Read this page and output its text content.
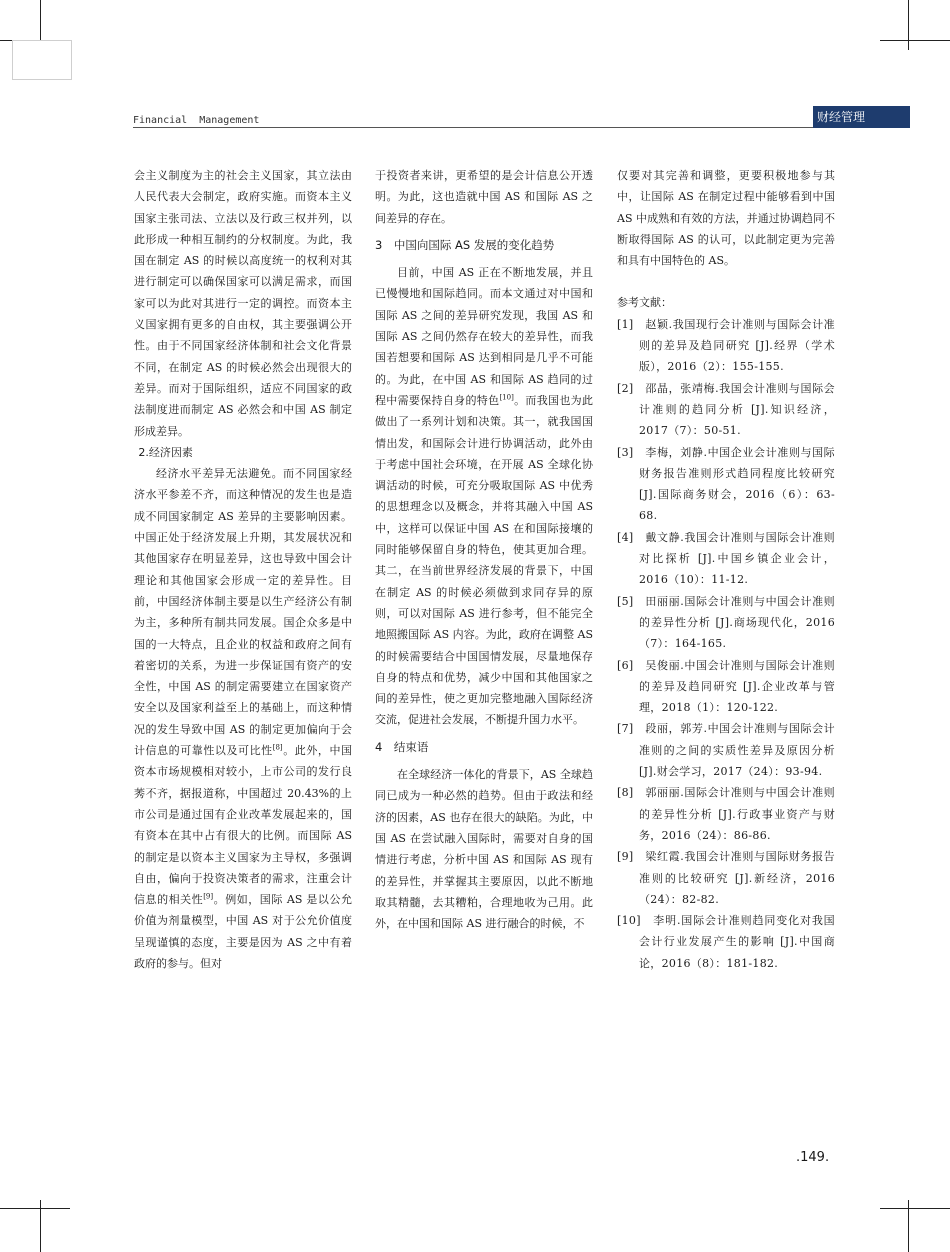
Financial  Management	财经管理

会主义制度为主的社会主义国家，其立法由人民代表大会制定，政府实施。而资本主义国家主张司法、立法以及行政三权并列，以此形成一种相互制约的分权制度。为此，我国在制定 AS 的时候以高度统一的权利对其进行制定可以确保国家可以满足需求，而国家可以为此对其进行一定的调控。而资本主义国家拥有更多的自由权，其主要强调公开性。由于不同国家经济体制和社会文化背景不同，在制定 AS 的时候必然会出现很大的差异。而对于国际组织，适应不同国家的政法制度进而制定 AS 必然会和中国 AS 制定形成差异。

2.经济因素

经济水平差异无法避免。而不同国家经济水平参差不齐，而这种情况的发生也是造成不同国家制定 AS 差异的主要影响因素。中国正处于经济发展上升期，其发展状况和其他国家存在明显差异，这也导致中国会计理论和其他国家会形成一定的差异性。目前，中国经济体制主要是以生产经济公有制为主，多种所有制共同发展。国企众多是中国的一大特点，且企业的权益和政府之间有着密切的关系，为进一步保证国有资产的安全性，中国 AS 的制定需要建立在国家资产安全以及国家利益至上的基础上，而这种情况的发生导致中国 AS 的制定更加偏向于会计信息的可靠性以及可比性[8]。此外，中国资本市场规模相对较小，上市公司的发行良莠不齐，据报道称，中国超过 20.43%的上市公司是通过国有企业改革发展起来的，国有资本在其中占有很大的比例。而国际 AS 的制定是以资本主义国家为主导权，多强调自由，偏向于投资决策者的需求，注重会计信息的相关性[9]。例如，国际 AS 是以公允价值为剂量模型，中国 AS 对于公允价值度呈现谨慎的态度，主要是因为 AS 之中有着政府的参与。但对

于投资者来讲，更希望的是会计信息公开透明。为此，这也造就中国 AS 和国际 AS 之间差异的存在。

3　中国向国际 AS 发展的变化趋势

目前，中国 AS 正在不断地发展，并且已慢慢地和国际趋同。而本文通过对中国和国际 AS 之间的差异研究发现，我国 AS 和国际 AS 之间仍然存在较大的差异性，而我国若想要和国际 AS 达到相同是几乎不可能的。为此，在中国 AS 和国际 AS 趋同的过程中需要保持自身的特色[10]。而我国也为此做出了一系列计划和决策。其一，就我国国情出发，和国际会计进行协调活动，此外由于考虑中国社会环境，在开展 AS 全球化协调活动的时候，可充分吸取国际 AS 中优秀的思想理念以及概念，并将其融入中国 AS 中，这样可以保证中国 AS 在和国际接壤的同时能够保留自身的特色，使其更加合理。其二，在当前世界经济发展的背景下，中国在制定 AS 的时候必须做到求同存异的原则，可以对国际 AS 进行参考，但不能完全地照搬国际 AS 内容。为此，政府在调整 AS 的时候需要结合中国国情发展，尽量地保存自身的特点和优势，减少中国和其他国家之间的差异性，使之更加完整地融入国际经济交流，促进社会发展，不断提升国力水平。

4　结束语

在全球经济一体化的背景下，AS 全球趋同已成为一种必然的趋势。但由于政法和经济的因素，AS 也存在很大的缺陷。为此，中国 AS 在尝试融入国际时，需要对自身的国情进行考虑，分析中国 AS 和国际 AS 现有的差异性，并掌握其主要原因，以此不断地取其精髓，去其糟粕，合理地收为己用。此外，在中国和国际 AS 进行融合的时候，不

仅要对其完善和调整，更要积极地参与其中，让国际 AS 在制定过程中能够看到中国 AS 中成熟和有效的方法，并通过协调趋同不断取得国际 AS 的认可，以此制定更为完善和具有中国特色的 AS。

参考文献：

[1]　赵颖.我国现行会计准则与国际会计准则的差异及趋同研究 [J].经界（学术版），2016（2）：155-155.

[2]　邵晶，张靖梅.我国会计准则与国际会计准则的趋同分析 [J].知识经济，2017（7）：50-51.

[3]　李梅，刘静.中国企业会计准则与国际财务报告准则形式趋同程度比较研究 [J].国际商务财会，2016（6）：63-68.

[4]　戴文静.我国会计准则与国际会计准则对比探析 [J].中国乡镇企业会计，2016（10）：11-12.

[5]　田丽丽.国际会计准则与中国会计准则的差异性分析 [J].商场现代化，2016（7）：164-165.

[6]　吴俊丽.中国会计准则与国际会计准则的差异及趋同研究 [J].企业改革与管理，2018（1）：120-122.

[7]　段丽，郭芳.中国会计准则与国际会计准则的之间的实质性差异及原因分析 [J].财会学习，2017（24）：93-94.

[8]　郭丽丽.国际会计准则与中国会计准则的差异性分析 [J].行政事业资产与财务，2016（24）：86-86.

[9]　梁红霞.我国会计准则与国际财务报告准则的比较研究 [J].新经济，2016（24）：82-82.

[10]　李明.国际会计准则趋同变化对我国会计行业发展产生的影响 [J].中国商论，2016（8）：181-182.

.149.
